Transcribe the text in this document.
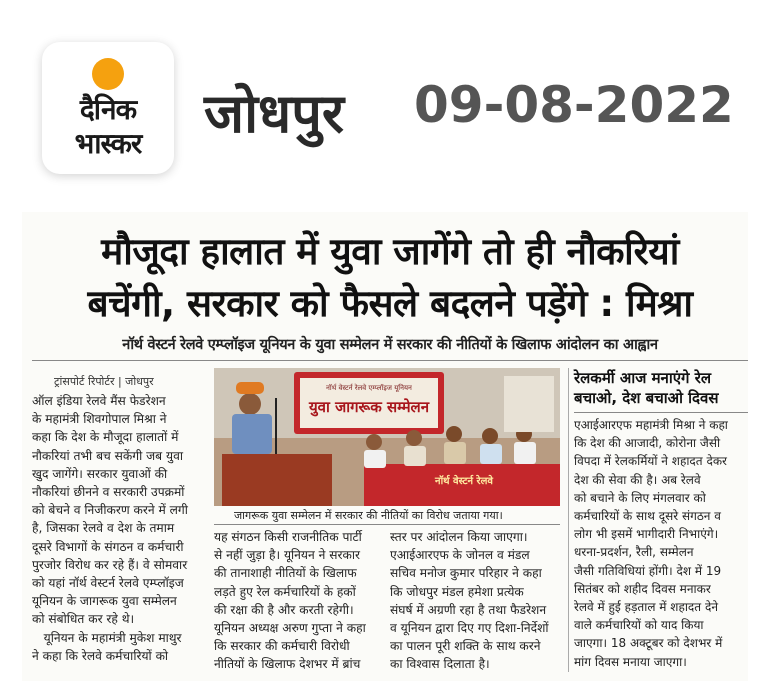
दैनिक
भास्कर	जोधपुर 09-08-2022
मौजूदा हालात में युवा जागेंगे तो ही नौकरियां
बचेंगी, सरकार को फैसले बदलने पड़ेंगे : मिश्रा
नॉर्थ वेस्टर्न रेलवे एम्प्लॉइज यूनियन के युवा सम्मेलन में सरकार की नीतियों के खिलाफ आंदोलन का आह्वान
ट्रांसपोर्ट रिपोर्टर | जोधपुर
ऑल इंडिया रेलवे मैंस फेडरेशन
के महामंत्री शिवगोपाल मिश्रा ने
कहा कि देश के मौजूदा हालातों में
नौकरियां तभी बच सकेंगी जब युवा
खुद जागेंगे। सरकार युवाओं की
नौकरियां छीनने व सरकारी उपक्रमों
को बेचने व निजीकरण करने में लगी
है, जिसका रेलवे व देश के तमाम
दूसरे विभागों के संगठन व कर्मचारी
पुरजोर विरोध कर रहे हैं। वे सोमवार
को यहां नॉर्थ वेस्टर्न रेलवे एम्प्लॉइज
यूनियन के जागरूक युवा सम्मेलन
को संबोधित कर रहे थे।
यूनियन के महामंत्री मुकेश माथुर
ने कहा कि रेलवे कर्मचारियों को
नॉर्थ वेस्टर्न रेलवे एम्प्लॉइज यूनियन
युवा जागरूक सम्मेलन
नॉर्थ वेस्टर्न रेलवे
जागरूक युवा सम्मेलन में सरकार की नीतियों का विरोध जताया गया।
यह संगठन किसी राजनीतिक पार्टी
से नहीं जुड़ा है। यूनियन ने सरकार
की तानाशाही नीतियों के खिलाफ
लड़ते हुए रेल कर्मचारियों के हकों
की रक्षा की है और करती रहेगी।
यूनियन अध्यक्ष अरुण गुप्ता ने कहा
कि सरकार की कर्मचारी विरोधी
नीतियों के खिलाफ देशभर में ब्रांच
स्तर पर आंदोलन किया जाएगा।
एआईआरएफ के जोनल व मंडल
सचिव मनोज कुमार परिहार ने कहा
कि जोधपुर मंडल हमेशा प्रत्येक
संघर्ष में अग्रणी रहा है तथा फैडरेशन
व यूनियन द्वारा दिए गए दिशा-निर्देशों
का पालन पूरी शक्ति के साथ करने
का विश्वास दिलाता है।
रेलकर्मी आज मनाएंगे रेल बचाओ, देश बचाओ दिवस
एआईआरएफ महामंत्री मिश्रा ने कहा
कि देश की आजादी, कोरोना जैसी
विपदा में रेलकर्मियों ने शहादत देकर
देश की सेवा की है। अब रेलवे
को बचाने के लिए मंगलवार को
कर्मचारियों के साथ दूसरे संगठन व
लोग भी इसमें भागीदारी निभाएंगे।
धरना-प्रदर्शन, रैली, सम्मेलन
जैसी गतिविधियां होंगी। देश में 19
सितंबर को शहीद दिवस मनाकर
रेलवे में हुई हड़ताल में शहादत देने
वाले कर्मचारियों को याद किया
जाएगा। 18 अक्टूबर को देशभर में
मांग दिवस मनाया जाएगा।
